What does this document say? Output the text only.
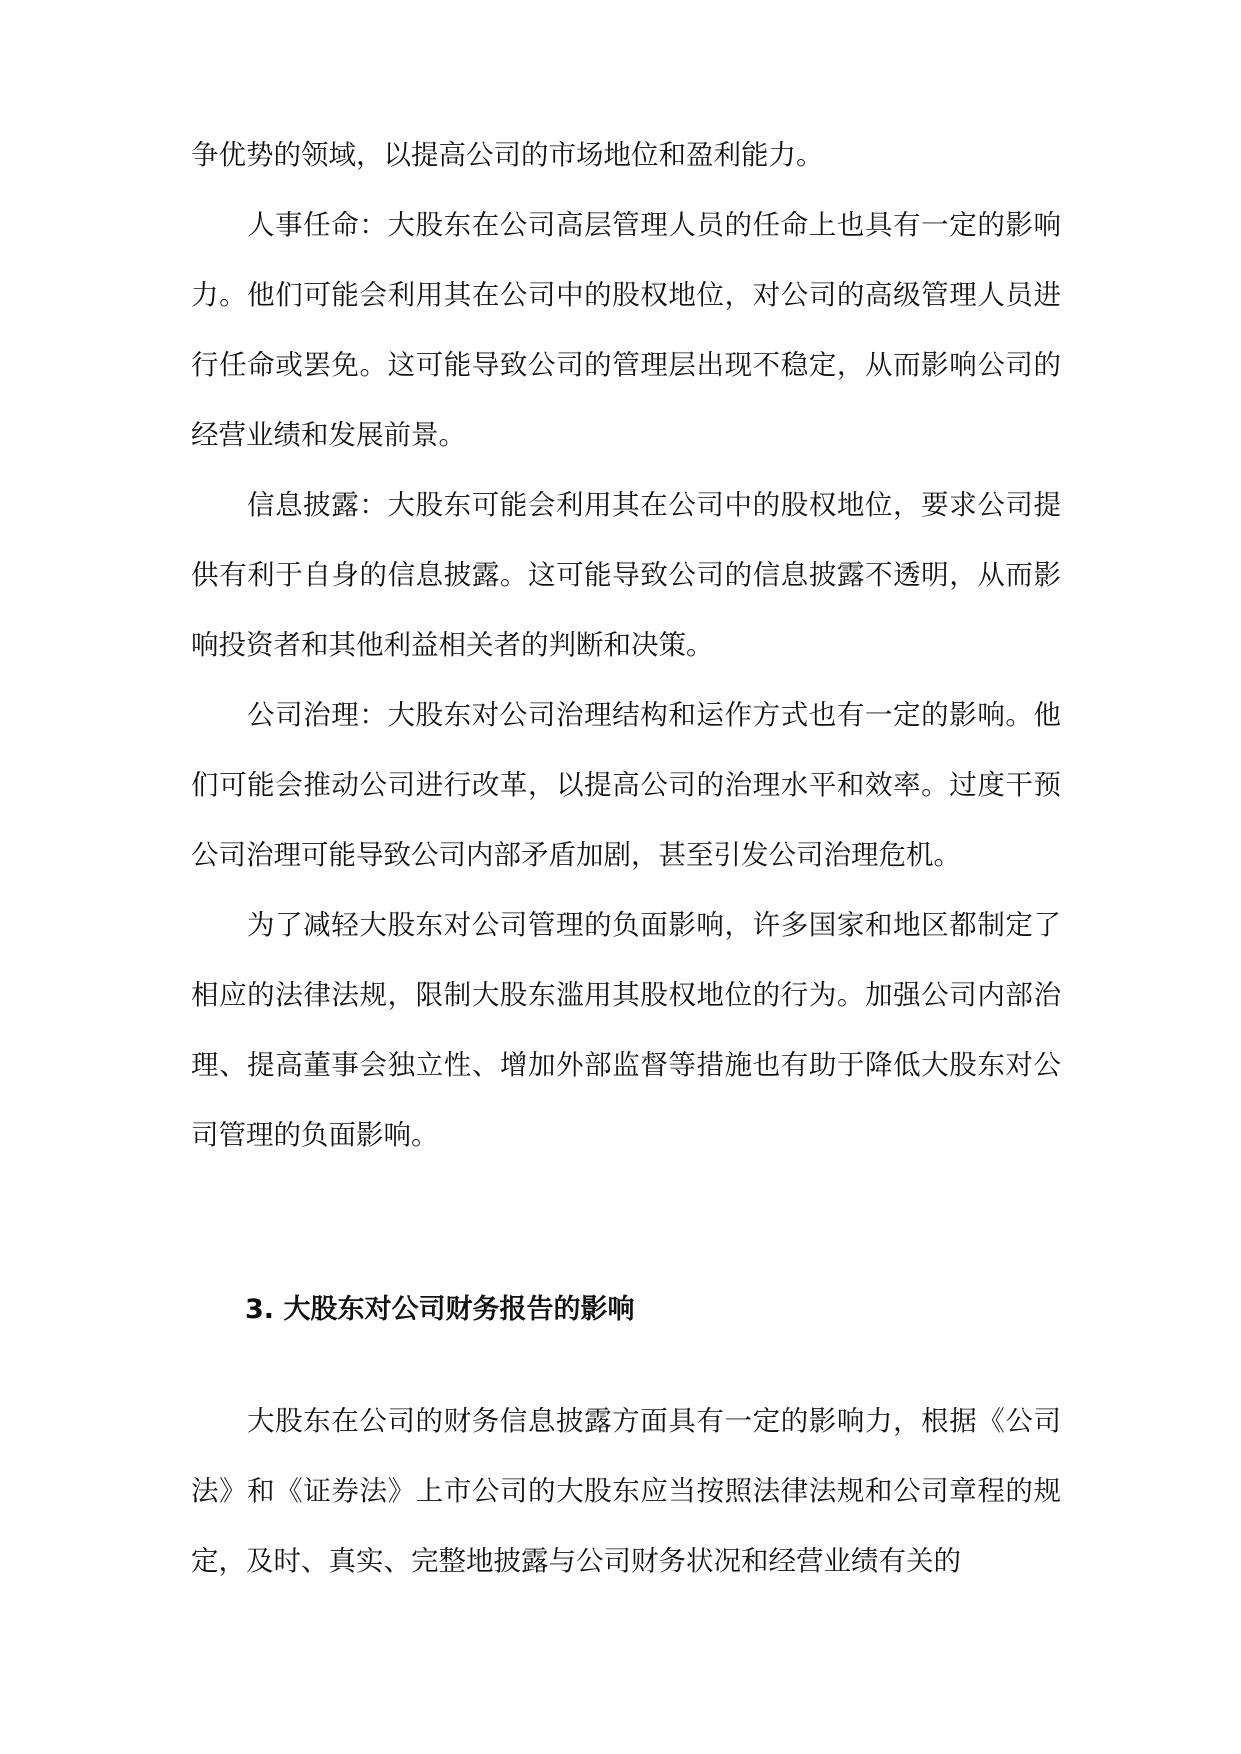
争优势的领域，以提高公司的市场地位和盈利能力。

人事任命：大股东在公司高层管理人员的任命上也具有一定的影响力。他们可能会利用其在公司中的股权地位，对公司的高级管理人员进行任命或罢免。这可能导致公司的管理层出现不稳定，从而影响公司的经营业绩和发展前景。

信息披露：大股东可能会利用其在公司中的股权地位，要求公司提供有利于自身的信息披露。这可能导致公司的信息披露不透明，从而影响投资者和其他利益相关者的判断和决策。

公司治理：大股东对公司治理结构和运作方式也有一定的影响。他们可能会推动公司进行改革，以提高公司的治理水平和效率。过度干预公司治理可能导致公司内部矛盾加剧，甚至引发公司治理危机。

为了减轻大股东对公司管理的负面影响，许多国家和地区都制定了相应的法律法规，限制大股东滥用其股权地位的行为。加强公司内部治理、提高董事会独立性、增加外部监督等措施也有助于降低大股东对公司管理的负面影响。

3. 大股东对公司财务报告的影响

大股东在公司的财务信息披露方面具有一定的影响力，根据《公司法》和《证券法》上市公司的大股东应当按照法律法规和公司章程的规定，及时、真实、完整地披露与公司财务状况和经营业绩有关的
